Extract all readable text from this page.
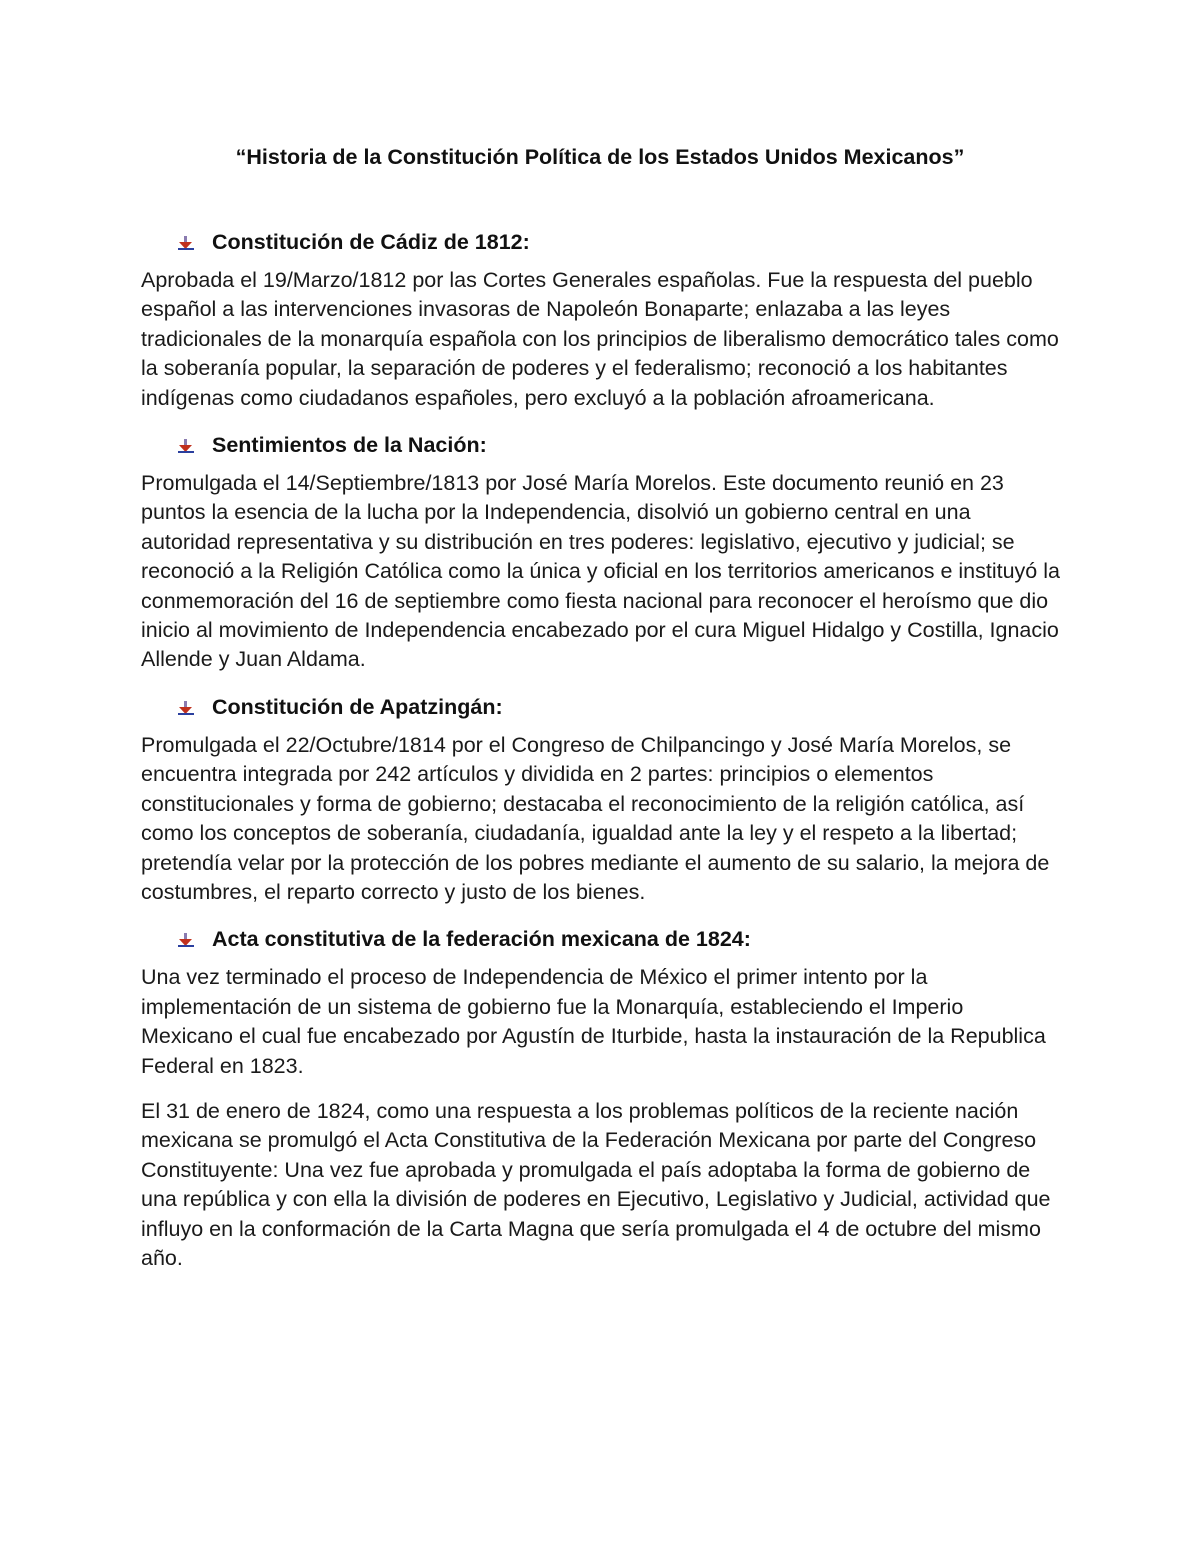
“Historia de la Constitución Política de los Estados Unidos Mexicanos”
Constitución de Cádiz de 1812:

Aprobada el 19/Marzo/1812 por las Cortes Generales españolas. Fue la respuesta del pueblo español a las intervenciones invasoras de Napoleón Bonaparte; enlazaba a las leyes tradicionales de la monarquía española con los principios de liberalismo democrático tales como la soberanía popular, la separación de poderes y el federalismo; reconoció a los habitantes indígenas como ciudadanos españoles, pero excluyó a la población afroamericana.

Sentimientos de la Nación:

Promulgada el 14/Septiembre/1813 por José María Morelos. Este documento reunió en 23 puntos la esencia de la lucha por la Independencia, disolvió un gobierno central en una autoridad representativa y su distribución en tres poderes: legislativo, ejecutivo y judicial; se reconoció a la Religión Católica como la única y oficial en los territorios americanos e instituyó la conmemoración del 16 de septiembre como fiesta nacional para reconocer el heroísmo que dio inicio al movimiento de Independencia encabezado por el cura Miguel Hidalgo y Costilla, Ignacio Allende y Juan Aldama.

Constitución de Apatzingán:

Promulgada el 22/Octubre/1814 por el Congreso de Chilpancingo y José María Morelos, se encuentra integrada por 242 artículos y dividida en 2 partes: principios o elementos constitucionales y forma de gobierno; destacaba el reconocimiento de la religión católica, así como los conceptos de soberanía, ciudadanía, igualdad ante la ley y el respeto a la libertad; pretendía velar por la protección de los pobres mediante el aumento de su salario, la mejora de costumbres, el reparto correcto y justo de los bienes.

Acta constitutiva de la federación mexicana de 1824:

Una vez terminado el proceso de Independencia de México el primer intento por la implementación de un sistema de gobierno fue la Monarquía, estableciendo el Imperio Mexicano el cual fue encabezado por Agustín de Iturbide, hasta la instauración de la Republica Federal en 1823.

El 31 de enero de 1824, como una respuesta a los problemas políticos de la reciente nación mexicana se promulgó el Acta Constitutiva de la Federación Mexicana por parte del Congreso Constituyente: Una vez fue aprobada y promulgada el país adoptaba la forma de gobierno de una república y con ella la división de poderes en Ejecutivo, Legislativo y Judicial, actividad que influyo en la conformación de la Carta Magna que sería promulgada el 4 de octubre del mismo año.
